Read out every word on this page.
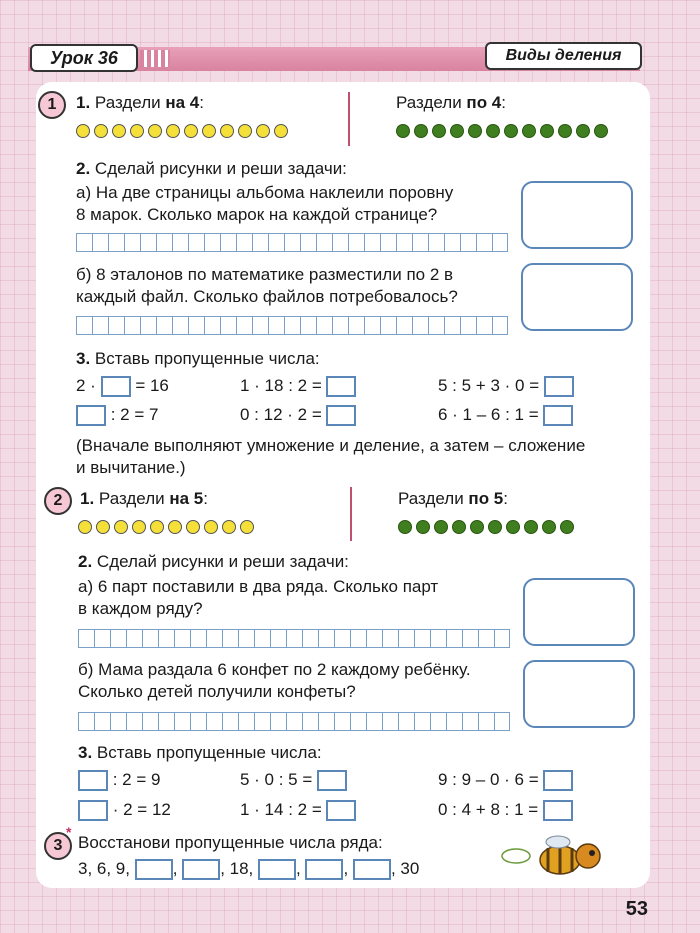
Урок 36	Виды деления
1	1. Раздели на 4:	Раздели по 4:
2. Сделай рисунки и реши задачи:
а) На две страницы альбома наклеили поровну
8 марок. Сколько марок на каждой странице?
б) 8 эталонов по математике разместили по 2 в
каждый файл. Сколько файлов потребовалось?
3. Вставь пропущенные числа:
2 · = 16	1 · 18 : 2 =	5 : 5 + 3 · 0 =
: 2 = 7	0 : 12 · 2 =	6 · 1 – 6 : 1 =
(Вначале выполняют умножение и деление, а затем – сложение
и вычитание.)
2	1. Раздели на 5:	Раздели по 5:
2. Сделай рисунки и реши задачи:
а) 6 парт поставили в два ряда. Сколько парт
в каждом ряду?
б) Мама раздала 6 конфет по 2 каждому ребёнку.
Сколько детей получили конфеты?
3. Вставь пропущенные числа:
: 2 = 9	5 · 0 : 5 =	9 : 9 – 0 · 6 =
· 2 = 12	1 · 14 : 2 =	0 : 4 + 8 : 1 =
3
*
Восстанови пропущенные числа ряда:
3, 6, 9,	,	, 18,	,	,	, 30
53
